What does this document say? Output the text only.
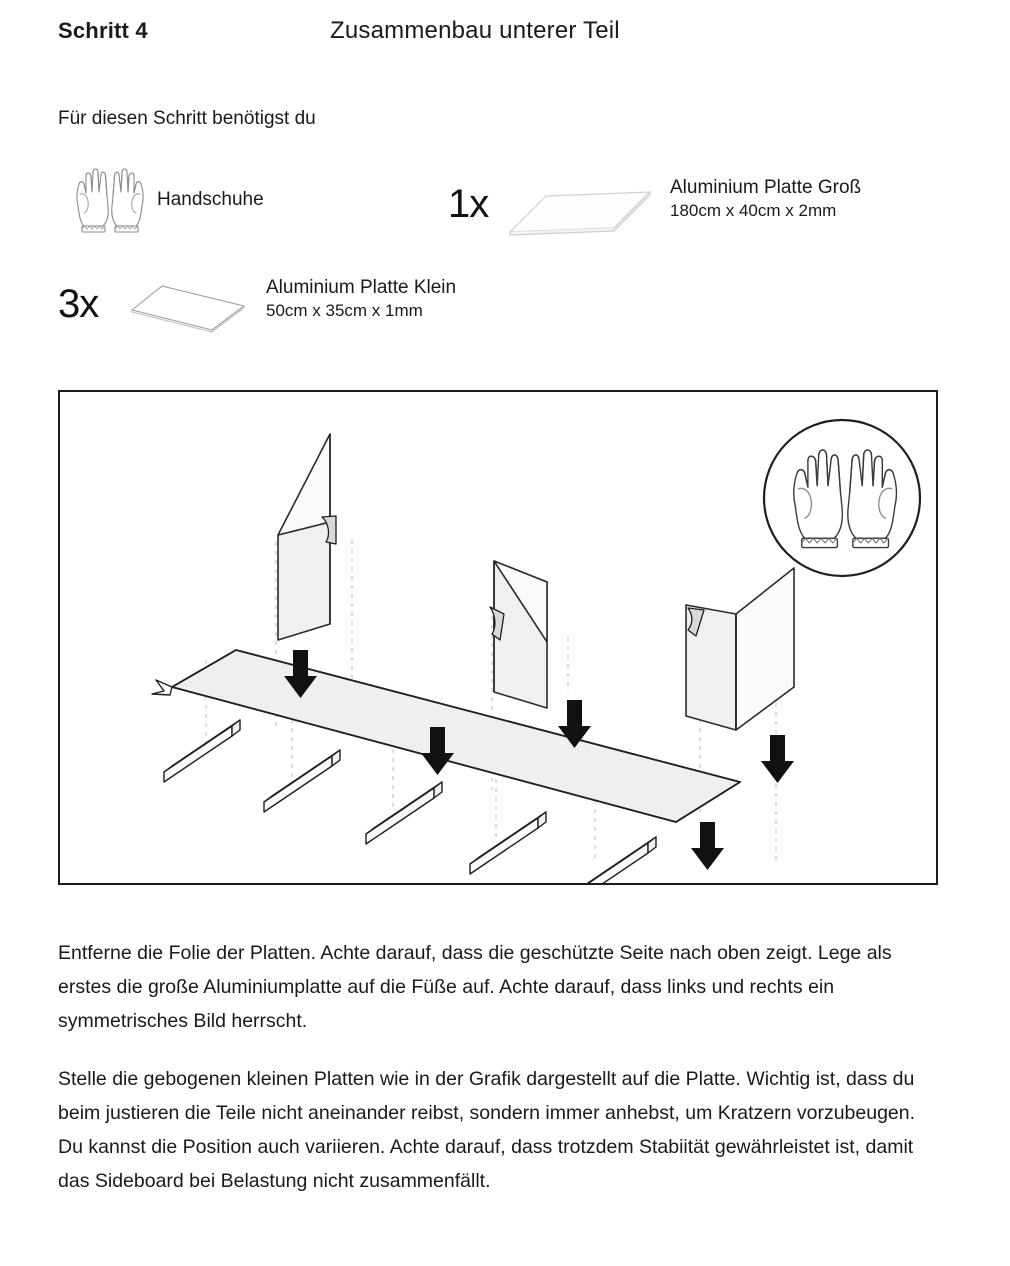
Schritt 4	Zusammenbau unterer Teil
Für diesen Schritt benötigst du
Handschuhe	1x	Aluminium Platte Groß
180cm x 40cm x 2mm
3x	Aluminium Platte Klein
50cm x 35cm x 1mm

Entferne die Folie der Platten. Achte darauf, dass die geschützte Seite nach oben zeigt. Lege als erstes die große Aluminiumplatte auf die Füße auf. Achte darauf, dass links und rechts ein symmetrisches Bild herrscht.

Stelle die gebogenen kleinen Platten wie in der Grafik dargestellt auf die Platte. Wichtig ist, dass du beim justieren die Teile nicht aneinander reibst, sondern immer anhebst, um Kratzern vorzubeugen. Du kannst die Position auch variieren. Achte darauf, dass trotzdem Stabiität gewährleistet ist, damit das Sideboard bei Belastung nicht zusammenfällt.
